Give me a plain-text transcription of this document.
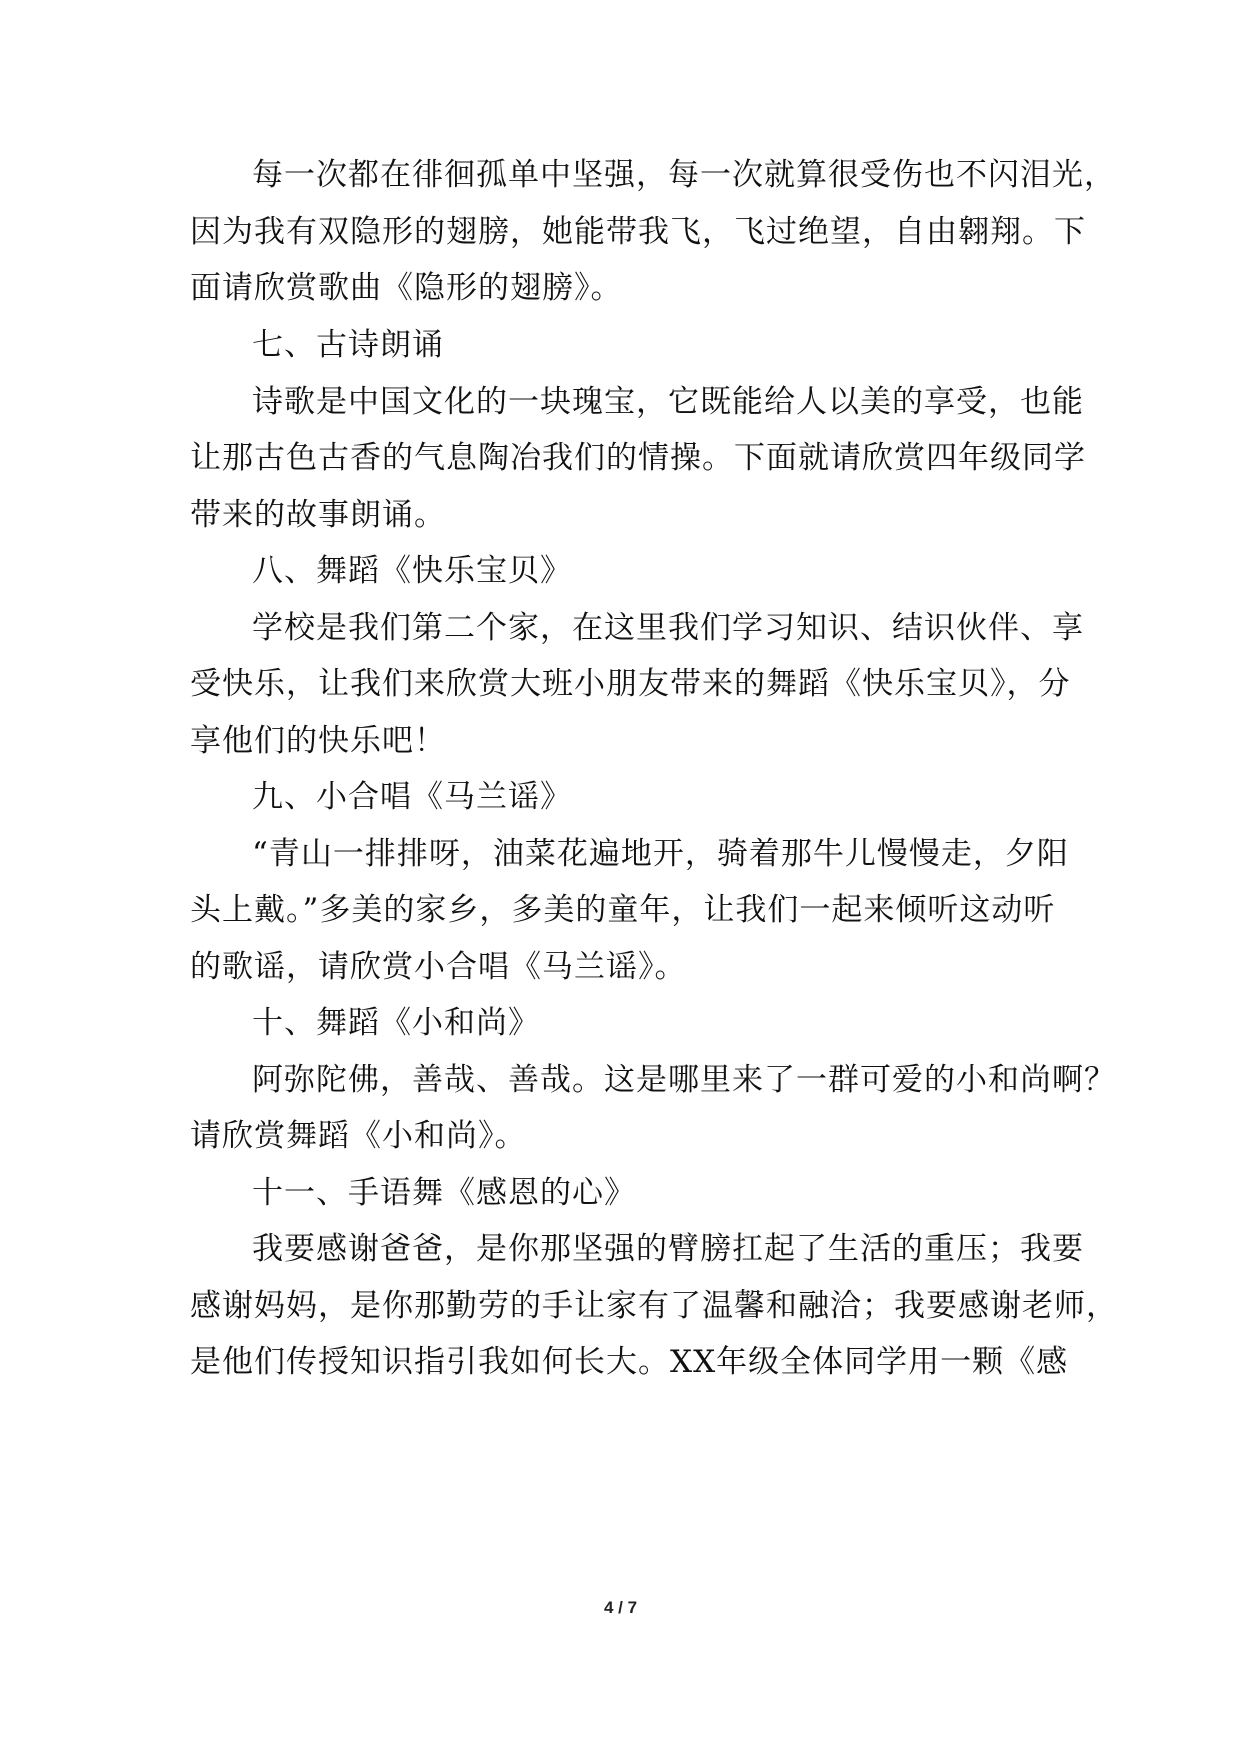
每一次都在徘徊孤单中坚强，每一次就算很受伤也不闪泪光，
因为我有双隐形的翅膀，她能带我飞，飞过绝望，自由翱翔。下
面请欣赏歌曲《隐形的翅膀》。
七、古诗朗诵
诗歌是中国文化的一块瑰宝，它既能给人以美的享受，也能
让那古色古香的气息陶冶我们的情操。下面就请欣赏四年级同学
带来的故事朗诵。
八、舞蹈《快乐宝贝》
学校是我们第二个家，在这里我们学习知识、结识伙伴、享
受快乐，让我们来欣赏大班小朋友带来的舞蹈《快乐宝贝》，分
享他们的快乐吧！
九、小合唱《马兰谣》
“青山一排排呀，油菜花遍地开，骑着那牛儿慢慢走，夕阳
头上戴。”多美的家乡，多美的童年，让我们一起来倾听这动听
的歌谣，请欣赏小合唱《马兰谣》。
十、舞蹈《小和尚》
阿弥陀佛，善哉、善哉。这是哪里来了一群可爱的小和尚啊？
请欣赏舞蹈《小和尚》。
十一、手语舞《感恩的心》
我要感谢爸爸，是你那坚强的臂膀扛起了生活的重压；我要
感谢妈妈，是你那勤劳的手让家有了温馨和融洽；我要感谢老师，
是他们传授知识指引我如何长大。XX年级全体同学用一颗《感
4 / 7
